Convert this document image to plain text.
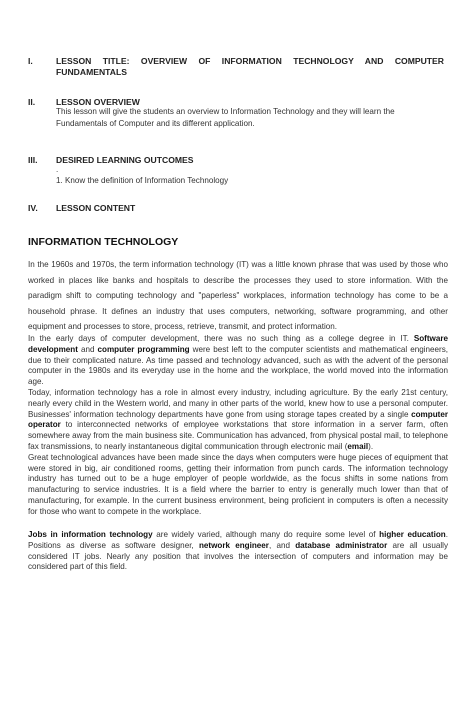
I.	LESSON TITLE: OVERVIEW OF INFORMATION TECHNOLOGY AND COMPUTER FUNDAMENTALS
II.	LESSON OVERVIEW
This lesson will give the students an overview to Information Technology and they will learn the Fundamentals of Computer and its different application.
III.	DESIRED LEARNING OUTCOMES
.
1. Know the definition of Information Technology
IV.	LESSON CONTENT
INFORMATION TECHNOLOGY

In the 1960s and 1970s, the term information technology (IT) was a little known phrase that was used by those who worked in places like banks and hospitals to describe the processes they used to store information. With the paradigm shift to computing technology and "paperless" workplaces, information technology has come to be a household phrase. It defines an industry that uses computers, networking, software programming, and other equipment and processes to store, process, retrieve, transmit, and protect information.

In the early days of computer development, there was no such thing as a college degree in IT. Software development and computer programming were best left to the computer scientists and mathematical engineers, due to their complicated nature. As time passed and technology advanced, such as with the advent of the personal computer in the 1980s and its everyday use in the home and the workplace, the world moved into the information age.
Today, information technology has a role in almost every industry, including agriculture. By the early 21st century, nearly every child in the Western world, and many in other parts of the world, knew how to use a personal computer. Businesses' information technology departments have gone from using storage tapes created by a single computer operator to interconnected networks of employee workstations that store information in a server farm, often somewhere away from the main business site. Communication has advanced, from physical postal mail, to telephone fax transmissions, to nearly instantaneous digital communication through electronic mail (email).
Great technological advances have been made since the days when computers were huge pieces of equipment that were stored in big, air conditioned rooms, getting their information from punch cards. The information technology industry has turned out to be a huge employer of people worldwide, as the focus shifts in some nations from manufacturing to service industries. It is a field where the barrier to entry is generally much lower than that of manufacturing, for example. In the current business environment, being proficient in computers is often a necessity for those who want to compete in the workplace.
Jobs in information technology are widely varied, although many do require some level of higher education. Positions as diverse as software designer, network engineer, and database administrator are all usually considered IT jobs. Nearly any position that involves the intersection of computers and information may be considered part of this field.
